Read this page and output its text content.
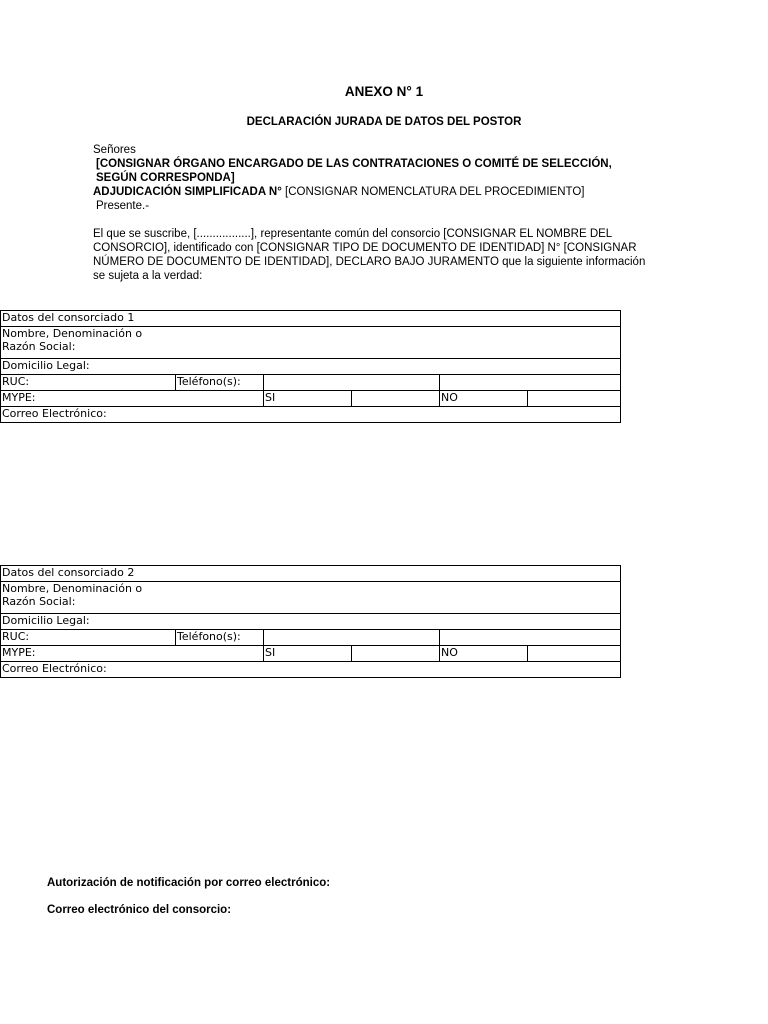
ANEXO N° 1
DECLARACIÓN JURADA DE DATOS DEL POSTOR
Señores
[CONSIGNAR ÓRGANO ENCARGADO DE LAS CONTRATACIONES O COMITÉ DE SELECCIÓN, SEGÚN CORRESPONDA]
ADJUDICACIÓN SIMPLIFICADA N° [CONSIGNAR NOMENCLATURA DEL PROCEDIMIENTO]
Presente.-
El que se suscribe, [.................], representante común del consorcio [CONSIGNAR EL NOMBRE DEL CONSORCIO], identificado con [CONSIGNAR TIPO DE DOCUMENTO DE IDENTIDAD] N° [CONSIGNAR NÚMERO DE DOCUMENTO DE IDENTIDAD], DECLARO BAJO JURAMENTO que la siguiente información se sujeta a la verdad:
Datos del consorciado 1					
Nombre, Denominación o Razón Social:					
Domicilio Legal:					
RUC:	Teléfono(s):				
MYPE:		SI		NO	
Correo Electrónico:					
Datos del consorciado 2					
Nombre, Denominación o Razón Social:					
Domicilio Legal:					
RUC:	Teléfono(s):				
MYPE:		SI		NO	
Correo Electrónico:					
Autorización de notificación por correo electrónico:
Correo electrónico del consorcio:
